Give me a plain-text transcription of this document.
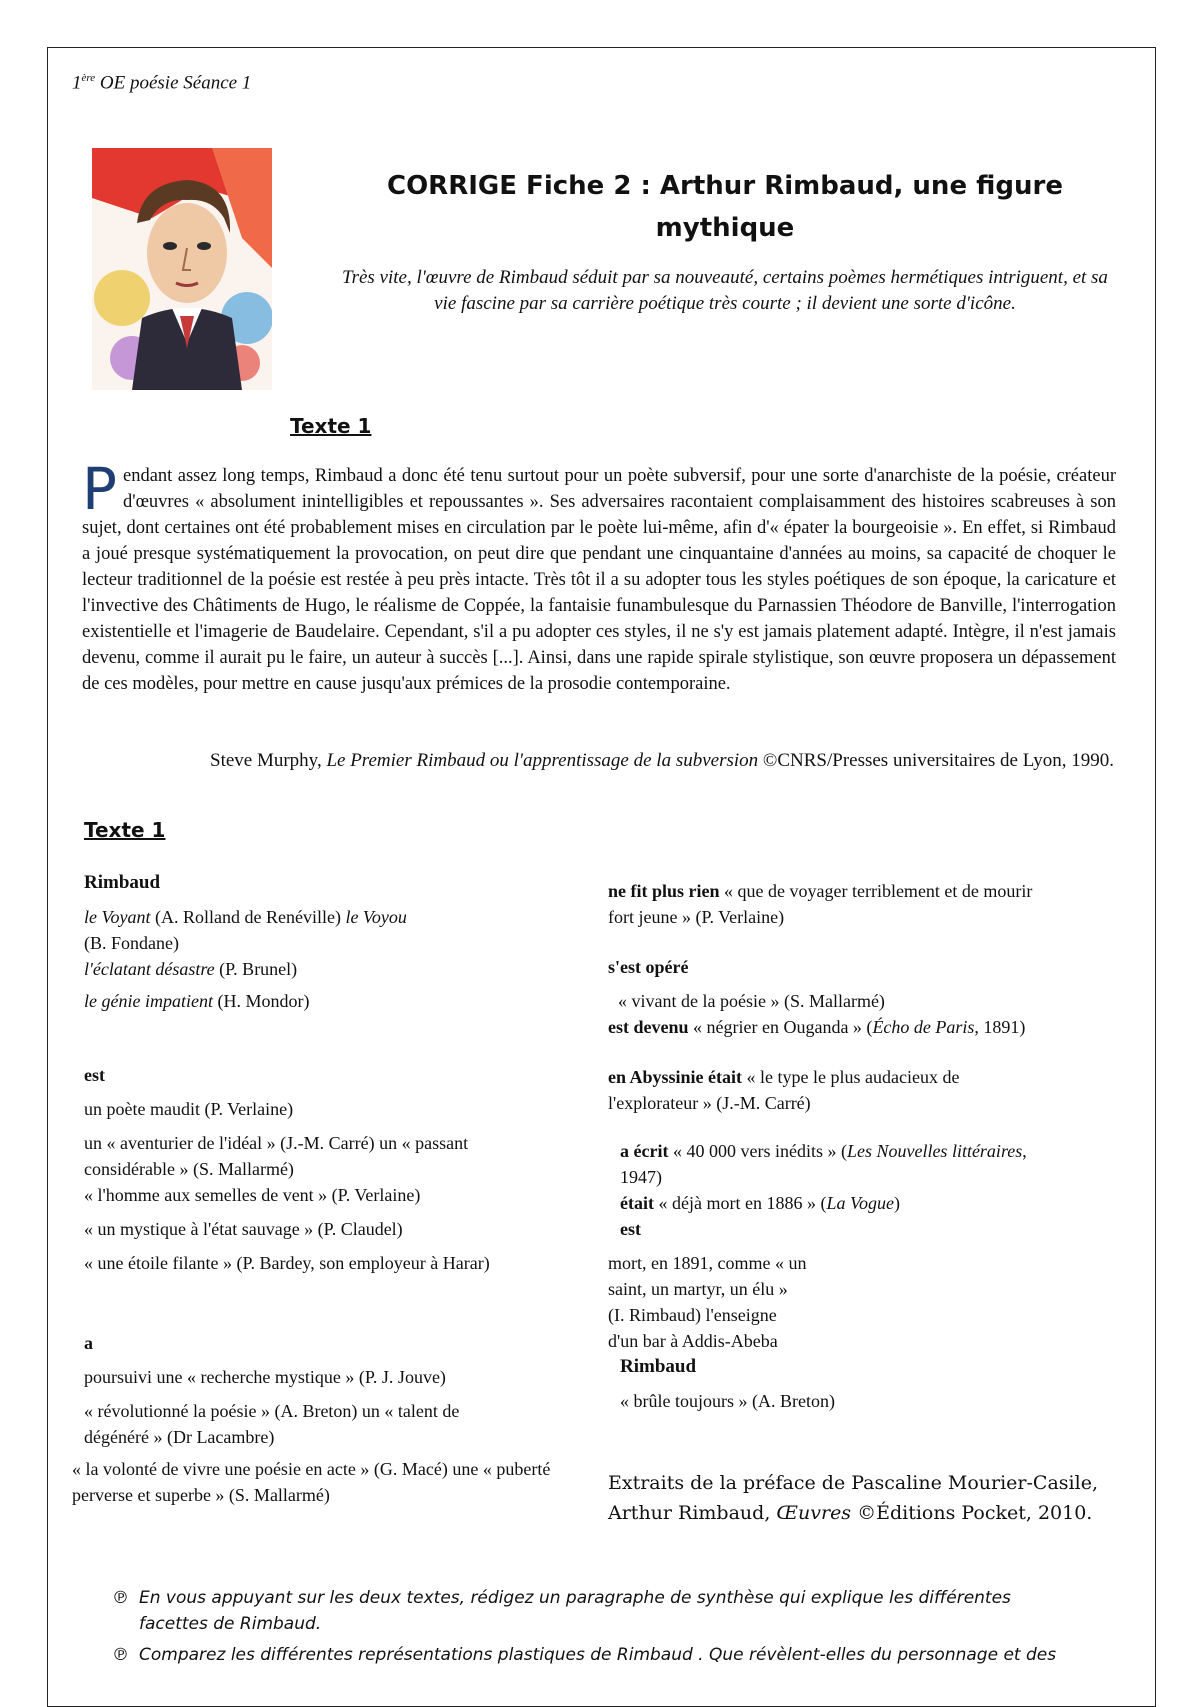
1ère OE poésie Séance 1
CORRIGE Fiche 2 : Arthur Rimbaud, une figure mythique
Très vite, l'œuvre de Rimbaud séduit par sa nouveauté, certains poèmes hermétiques intriguent, et sa vie fascine par sa carrière poétique très courte ; il devient une sorte d'icône.
Texte 1
Pendant assez long temps, Rimbaud a donc été tenu surtout pour un poète subversif, pour une sorte d'anarchiste de la poésie, créateur d'œuvres « absolument inintelligibles et repoussantes ». Ses adversaires racontaient complaisamment des histoires scabreuses à son sujet, dont certaines ont été probablement mises en circulation par le poète lui-même, afin d'« épater la bourgeoisie ». En effet, si Rimbaud a joué presque systématiquement la provocation, on peut dire que pendant une cinquantaine d'années au moins, sa capacité de choquer le lecteur traditionnel de la poésie est restée à peu près intacte. Très tôt il a su adopter tous les styles poétiques de son époque, la caricature et l'invective des Châtiments de Hugo, le réalisme de Coppée, la fantaisie funambulesque du Parnassien Théodore de Banville, l'interrogation existentielle et l'imagerie de Baudelaire. Cependant, s'il a pu adopter ces styles, il ne s'y est jamais platement adapté. Intègre, il n'est jamais devenu, comme il aurait pu le faire, un auteur à succès [...]. Ainsi, dans une rapide spirale stylistique, son œuvre proposera un dépassement de ces modèles, pour mettre en cause jusqu'aux prémices de la prosodie contemporaine.
Steve Murphy, Le Premier Rimbaud ou l'apprentissage de la subversion ©CNRS/Presses universitaires de Lyon, 1990.
Texte 1

Rimbaud

le Voyant (A. Rolland de Renéville) le Voyou

(B. Fondane)

l'éclatant désastre (P. Brunel)

le génie impatient (H. Mondor)

est

un poète maudit (P. Verlaine)

un « aventurier de l'idéal » (J.-M. Carré) un « passant

considérable » (S. Mallarmé)

« l'homme aux semelles de vent » (P. Verlaine)

« un mystique à l'état sauvage » (P. Claudel)

« une étoile filante » (P. Bardey, son employeur à Harar)

a

poursuivi une « recherche mystique » (P. J. Jouve)

« révolutionné la poésie » (A. Breton) un « talent de

dégénéré » (Dr Lacambre)

« la volonté de vivre une poésie en acte » (G. Macé) une « puberté

perverse et superbe » (S. Mallarmé)

ne fit plus rien « que de voyager terriblement et de mourir

fort jeune » (P. Verlaine)

s'est opéré

« vivant de la poésie » (S. Mallarmé)

est devenu « négrier en Ouganda » (Écho de Paris, 1891)

en Abyssinie était « le type le plus audacieux de

l'explorateur » (J.-M. Carré)

a écrit « 40 000 vers inédits » (Les Nouvelles littéraires,

1947)

était « déjà mort en 1886 » (La Vogue)

est

mort, en 1891, comme « un

saint, un martyr, un élu »

(I. Rimbaud) l'enseigne

d'un bar à Addis-Abeba

Rimbaud

« brûle toujours » (A. Breton)

Extraits de la préface de Pascaline Mourier-Casile,
Arthur Rimbaud, Œuvres ©Éditions Pocket, 2010.
℗ En vous appuyant sur les deux textes, rédigez un paragraphe de synthèse qui explique les différentes facettes de Rimbaud.
℗ Comparez les différentes représentations plastiques de Rimbaud . Que révèlent-elles du personnage et des
